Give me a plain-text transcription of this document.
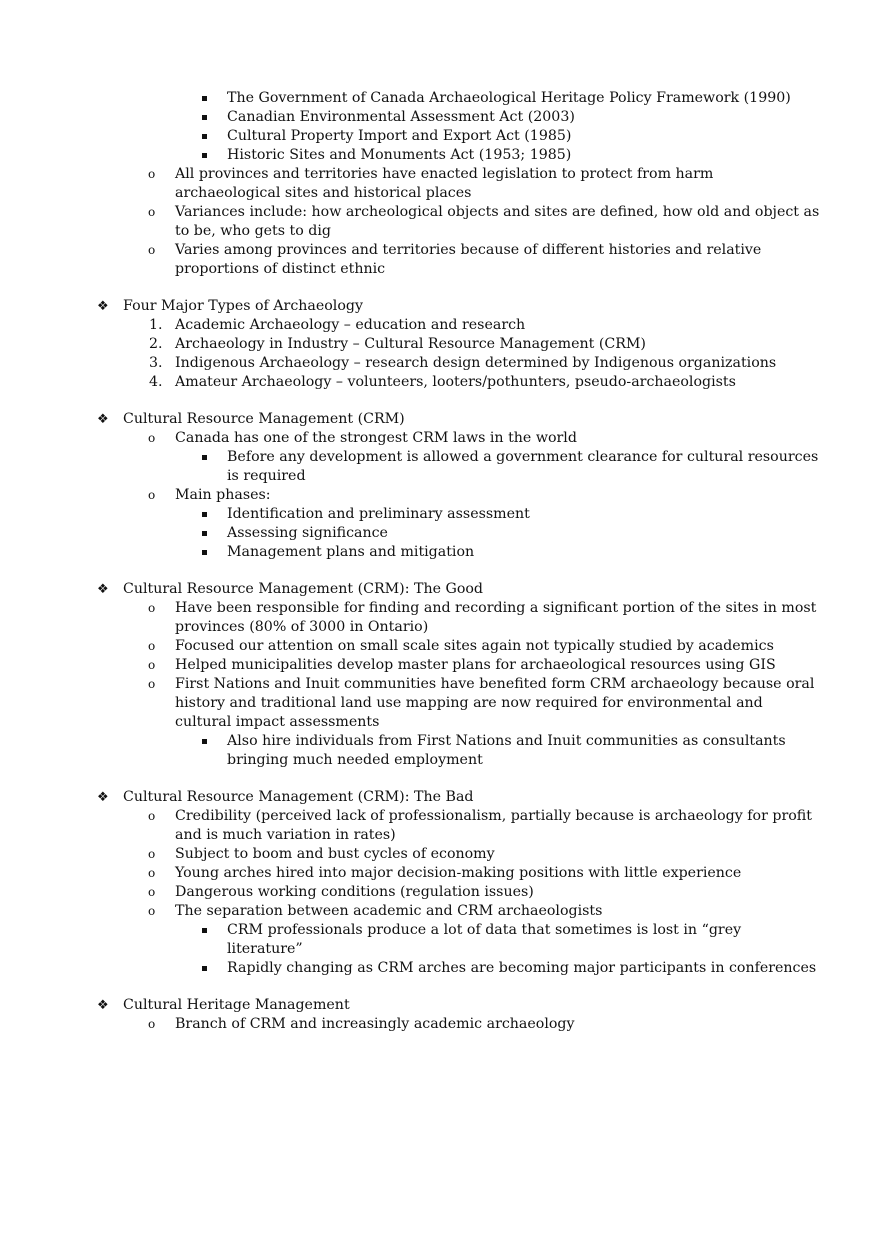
The Government of Canada Archaeological Heritage Policy Framework (1990)
Canadian Environmental Assessment Act (2003)
Cultural Property Import and Export Act (1985)
Historic Sites and Monuments Act (1953; 1985)
o All provinces and territories have enacted legislation to protect from harm archaeological sites and historical places
o Variances include: how archeological objects and sites are defined, how old and object as to be, who gets to dig
o Varies among provinces and territories because of different histories and relative proportions of distinct ethnic
❖ Four Major Types of Archaeology
1. Academic Archaeology – education and research
2. Archaeology in Industry – Cultural Resource Management (CRM)
3. Indigenous Archaeology – research design determined by Indigenous organizations
4. Amateur Archaeology – volunteers, looters/pothunters, pseudo-archaeologists
❖ Cultural Resource Management (CRM)
o Canada has one of the strongest CRM laws in the world
Before any development is allowed a government clearance for cultural resources is required
o Main phases:
Identification and preliminary assessment
Assessing significance
Management plans and mitigation
❖ Cultural Resource Management (CRM): The Good
o Have been responsible for finding and recording a significant portion of the sites in most provinces (80% of 3000 in Ontario)
o Focused our attention on small scale sites again not typically studied by academics
o Helped municipalities develop master plans for archaeological resources using GIS
o First Nations and Inuit communities have benefited form CRM archaeology because oral history and traditional land use mapping are now required for environmental and cultural impact assessments
Also hire individuals from First Nations and Inuit communities as consultants bringing much needed employment
❖ Cultural Resource Management (CRM): The Bad
o Credibility (perceived lack of professionalism, partially because is archaeology for profit and is much variation in rates)
o Subject to boom and bust cycles of economy
o Young arches hired into major decision-making positions with little experience
o Dangerous working conditions (regulation issues)
o The separation between academic and CRM archaeologists
CRM professionals produce a lot of data that sometimes is lost in “grey literature”
Rapidly changing as CRM arches are becoming major participants in conferences
❖ Cultural Heritage Management
o Branch of CRM and increasingly academic archaeology
